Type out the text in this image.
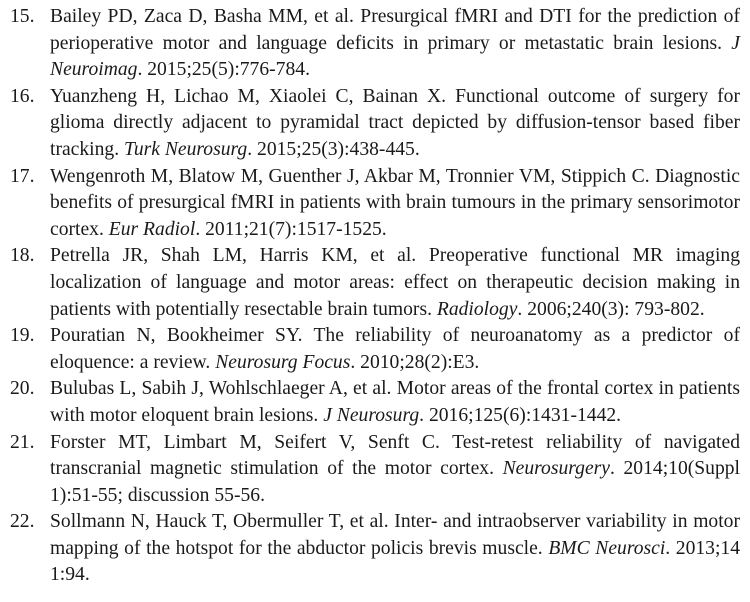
15. Bailey PD, Zaca D, Basha MM, et al. Presurgical fMRI and DTI for the prediction of perioperative motor and language deficits in primary or metastatic brain lesions. J Neuroimag. 2015;25(5):776-784.
16. Yuanzheng H, Lichao M, Xiaolei C, Bainan X. Functional outcome of surgery for glioma directly adjacent to pyramidal tract depicted by diffusion-tensor based fiber tracking. Turk Neurosurg. 2015;25(3):438-445.
17. Wengenroth M, Blatow M, Guenther J, Akbar M, Tronnier VM, Stippich C. Diagnostic benefits of presurgical fMRI in patients with brain tumours in the primary sensorimotor cortex. Eur Radiol. 2011;21(7):1517-1525.
18. Petrella JR, Shah LM, Harris KM, et al. Preoperative functional MR imaging localization of language and motor areas: effect on therapeutic decision making in patients with potentially resectable brain tumors. Radiology. 2006;240(3): 793-802.
19. Pouratian N, Bookheimer SY. The reliability of neuroanatomy as a predictor of eloquence: a review. Neurosurg Focus. 2010;28(2):E3.
20. Bulubas L, Sabih J, Wohlschlaeger A, et al. Motor areas of the frontal cortex in patients with motor eloquent brain lesions. J Neurosurg. 2016;125(6):1431-1442.
21. Forster MT, Limbart M, Seifert V, Senft C. Test-retest reliability of navigated transcranial magnetic stimulation of the motor cortex. Neurosurgery. 2014;10(Suppl 1):51-55; discussion 55-56.
22. Sollmann N, Hauck T, Obermuller T, et al. Inter- and intraobserver variability in motor mapping of the hotspot for the abductor policis brevis muscle. BMC Neurosci. 2013;14 1:94.
